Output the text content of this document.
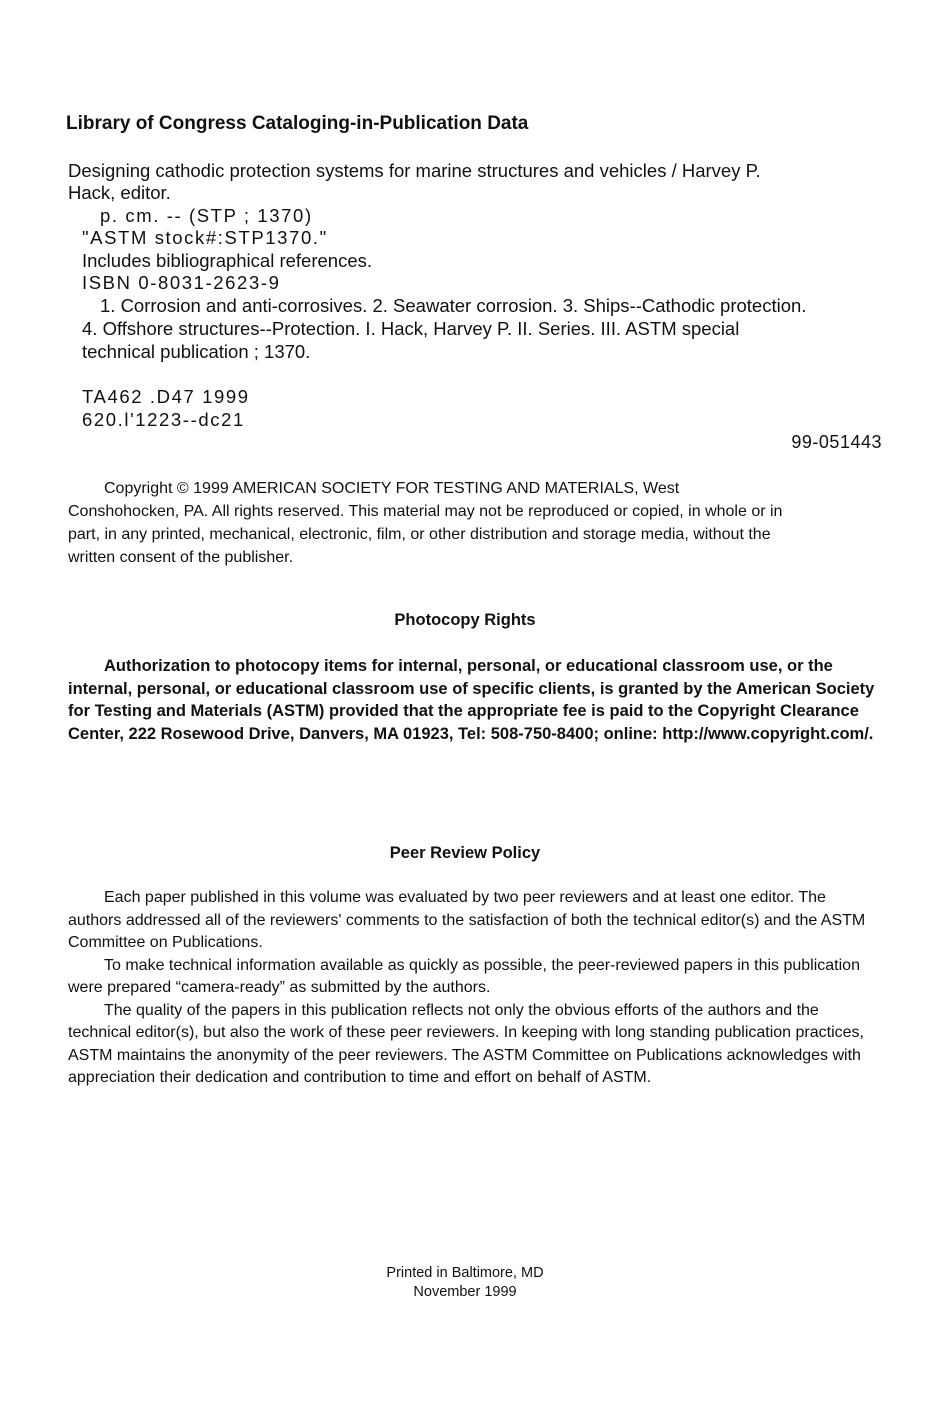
Library of Congress Cataloging-in-Publication Data
Designing cathodic protection systems for marine structures and vehicles / Harvey P.
Hack, editor.
p. cm. -- (STP ; 1370)
"ASTM stock#:STP1370."
Includes bibliographical references.
ISBN 0-8031-2623-9
1. Corrosion and anti-corrosives. 2. Seawater corrosion. 3. Ships--Cathodic protection.
4. Offshore structures--Protection. I. Hack, Harvey P. II. Series. III. ASTM special
technical publication ; 1370.
TA462 .D47 1999
620.l'1223--dc21
99-051443

Copyright © 1999 AMERICAN SOCIETY FOR TESTING AND MATERIALS, West

Conshohocken, PA. All rights reserved. This material may not be reproduced or copied, in whole or in

part, in any printed, mechanical, electronic, film, or other distribution and storage media, without the

written consent of the publisher.

Photocopy Rights

Authorization to photocopy items for internal, personal, or educational classroom use, or the internal, personal, or educational classroom use of specific clients, is granted by the American Society for Testing and Materials (ASTM) provided that the appropriate fee is paid to the Copyright Clearance Center, 222 Rosewood Drive, Danvers, MA 01923, Tel: 508-750-8400; online: http://www.copyright.com/.

Peer Review Policy

Each paper published in this volume was evaluated by two peer reviewers and at least one editor. The authors addressed all of the reviewers' comments to the satisfaction of both the technical editor(s) and the ASTM Committee on Publications.

To make technical information available as quickly as possible, the peer-reviewed papers in this publication were prepared “camera-ready” as submitted by the authors.

The quality of the papers in this publication reflects not only the obvious efforts of the authors and the technical editor(s), but also the work of these peer reviewers. In keeping with long standing publication practices, ASTM maintains the anonymity of the peer reviewers. The ASTM Committee on Publications acknowledges with appreciation their dedication and contribution to time and effort on behalf of ASTM.

Printed in Baltimore, MD
November 1999
